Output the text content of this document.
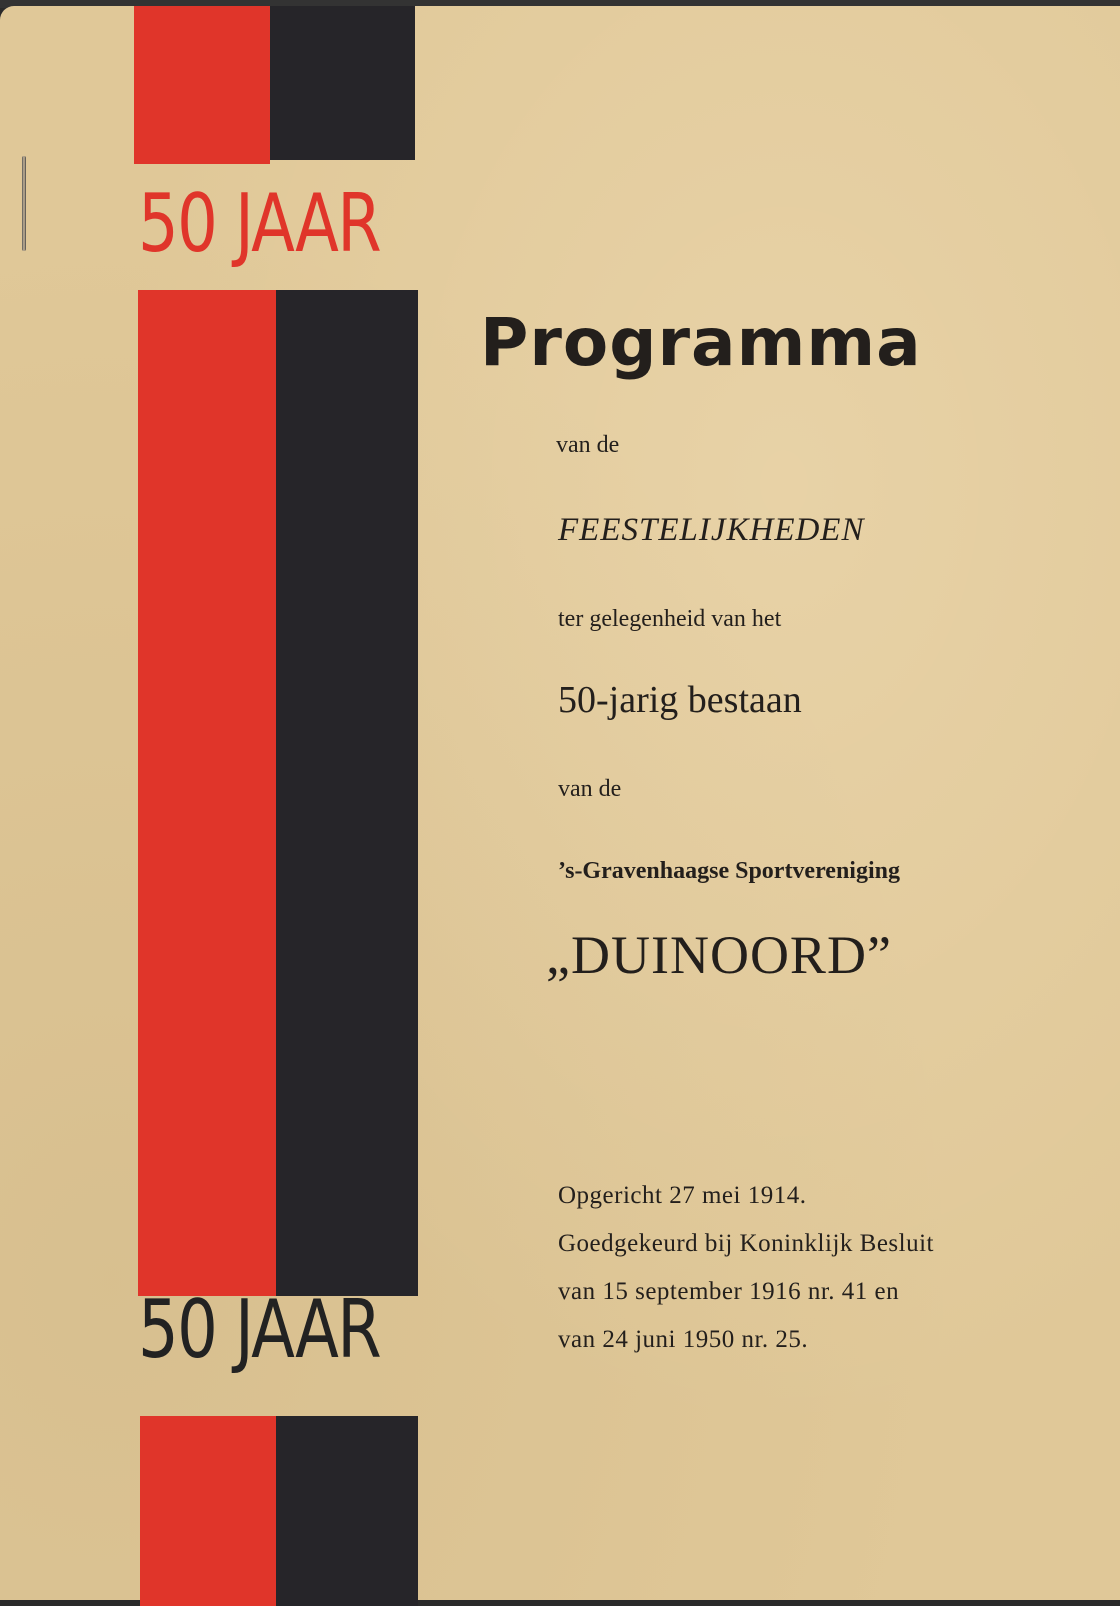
50 JAAR
50 JAAR
Programma
van de
FEESTELIJKHEDEN
ter gelegenheid van het
50-jarig bestaan
van de
’s-Gravenhaagse Sportvereniging
„DUINOORD”
Opgericht 27 mei 1914.
Goedgekeurd bij Koninklijk Besluit
van 15 september 1916 nr. 41 en
van 24 juni 1950 nr. 25.
